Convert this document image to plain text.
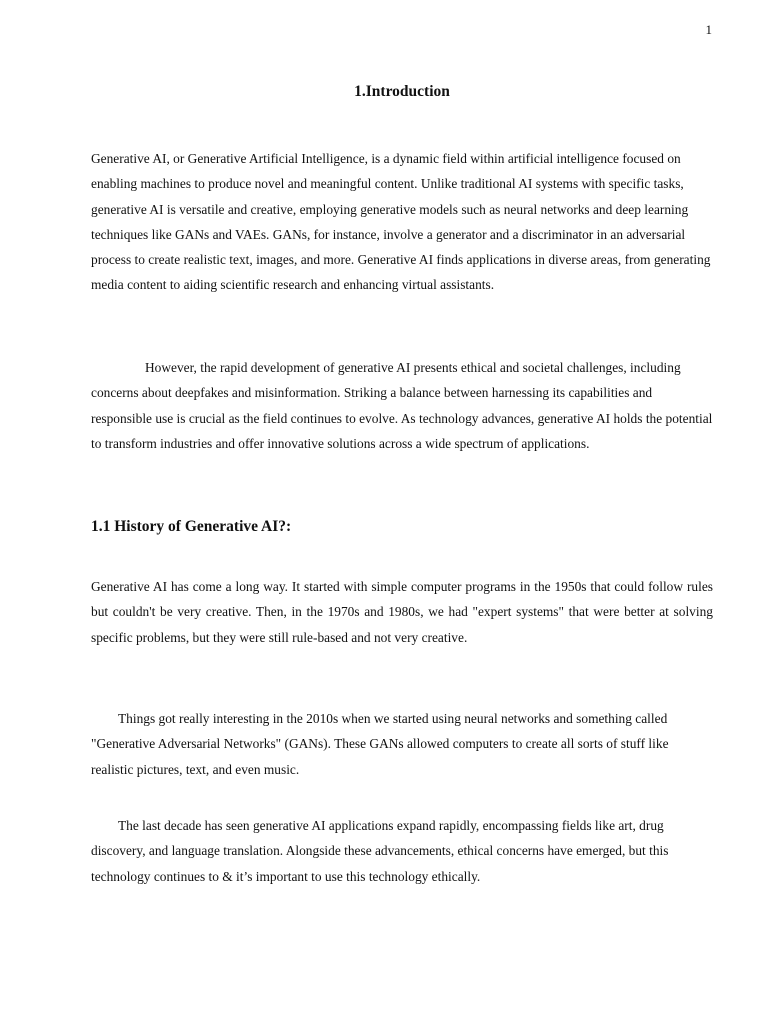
1
1.Introduction

Generative AI, or Generative Artificial Intelligence, is a dynamic field within artificial intelligence focused on enabling machines to produce novel and meaningful content. Unlike traditional AI systems with specific tasks, generative AI is versatile and creative, employing generative models such as neural networks and deep learning techniques like GANs and VAEs. GANs, for instance, involve a generator and a discriminator in an adversarial process to create realistic text, images, and more. Generative AI finds applications in diverse areas, from generating media content to aiding scientific research and enhancing virtual assistants.

However, the rapid development of generative AI presents ethical and societal challenges, including concerns about deepfakes and misinformation. Striking a balance between harnessing its capabilities and responsible use is crucial as the field continues to evolve. As technology advances, generative AI holds the potential to transform industries and offer innovative solutions across a wide spectrum of applications.

1.1 History of Generative AI?:

Generative AI has come a long way. It started with simple computer programs in the 1950s that could follow rules but couldn't be very creative. Then, in the 1970s and 1980s, we had "expert systems" that were better at solving specific problems, but they were still rule-based and not very creative.

Things got really interesting in the 2010s when we started using neural networks and something called "Generative Adversarial Networks" (GANs). These GANs allowed computers to create all sorts of stuff like realistic pictures, text, and even music.

The last decade has seen generative AI applications expand rapidly, encompassing fields like art, drug discovery, and language translation. Alongside these advancements, ethical concerns have emerged, but this technology continues to & it’s important to use this technology ethically.
